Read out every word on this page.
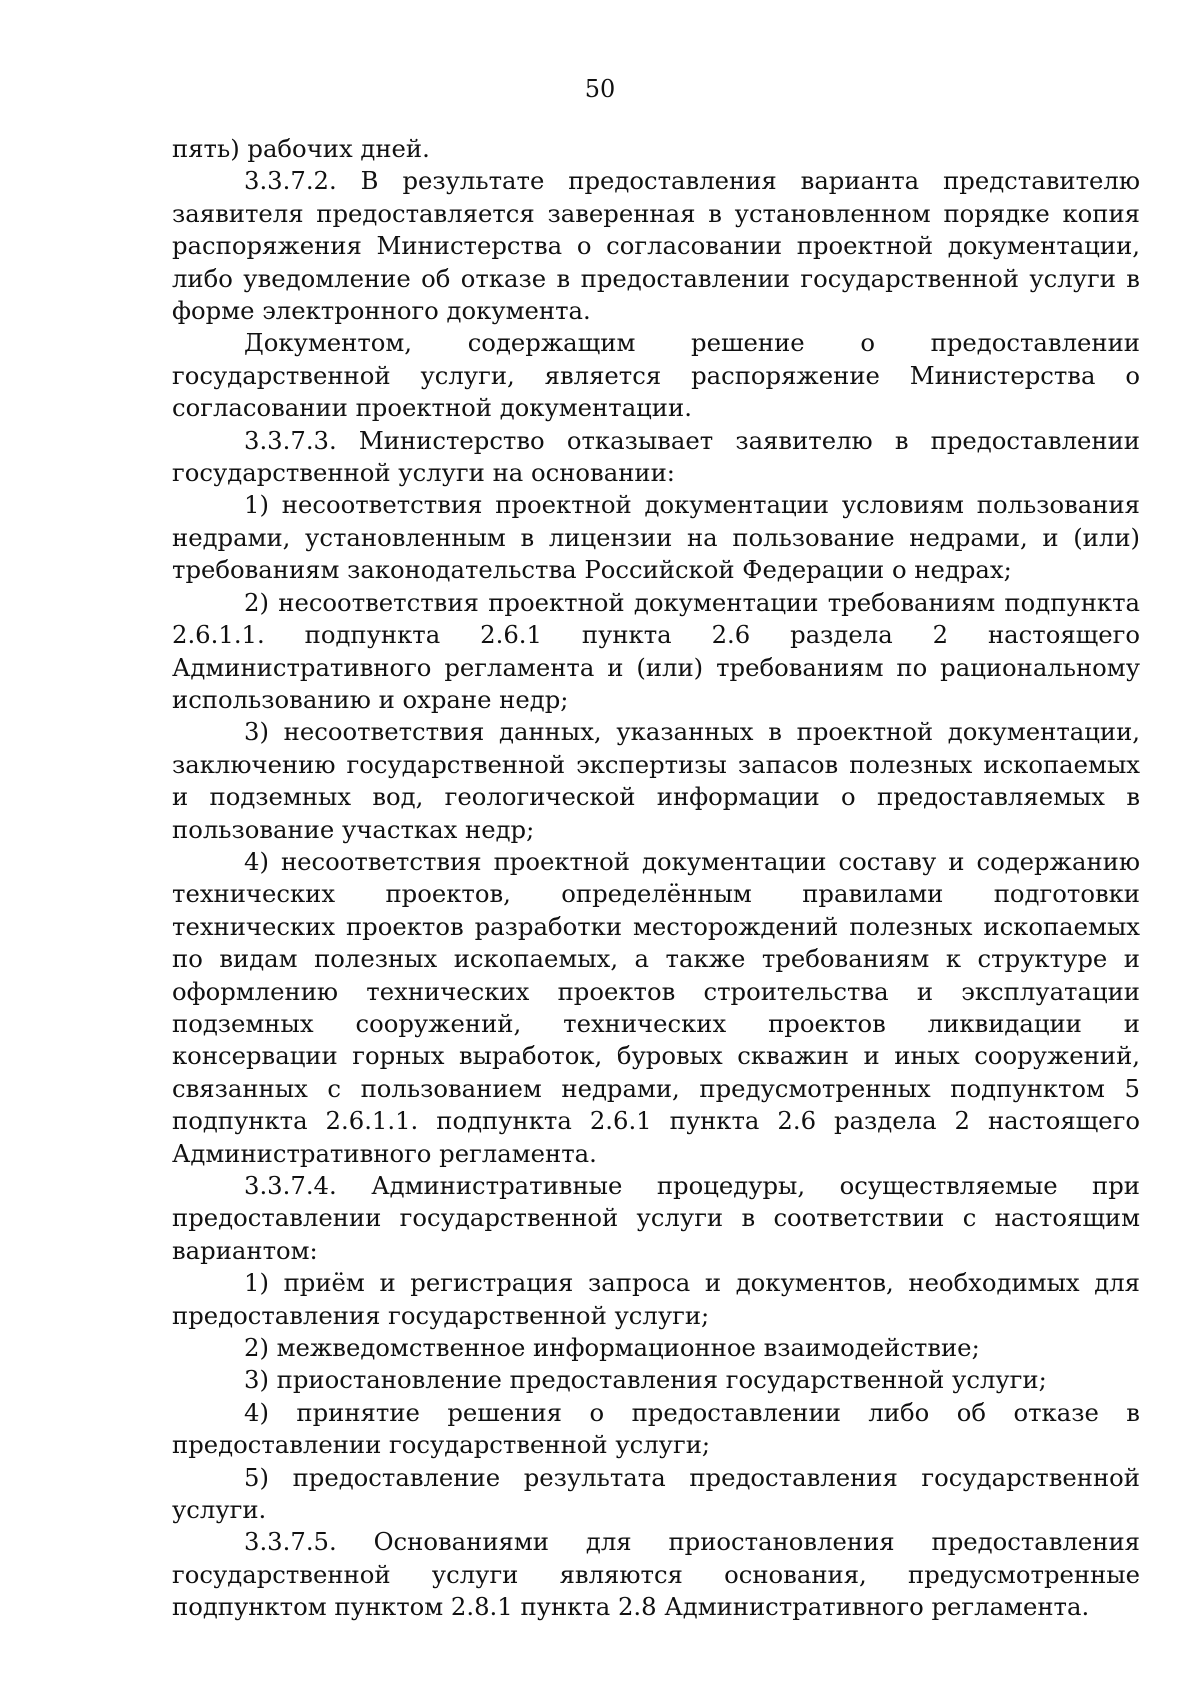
50

пять) рабочих дней.

3.3.7.2. В результате предоставления варианта представителю заявителя предоставляется заверенная в установленном порядке копия распоряжения Министерства о согласовании проектной документации, либо уведомление об отказе в предоставлении государственной услуги в форме электронного документа.

Документом, содержащим решение о предоставлении государственной услуги, является распоряжение Министерства о согласовании проектной документации.

3.3.7.3. Министерство отказывает заявителю в предоставлении государственной услуги на основании:

1) несоответствия проектной документации условиям пользования недрами, установленным в лицензии на пользование недрами, и (или) требованиям законодательства Российской Федерации о недрах;

2) несоответствия проектной документации требованиям подпункта 2.6.1.1. подпункта 2.6.1 пункта 2.6 раздела 2 настоящего Административного регламента и (или) требованиям по рациональному использованию и охране недр;

3) несоответствия данных, указанных в проектной документации, заключению государственной экспертизы запасов полезных ископаемых и подземных вод, геологической информации о предоставляемых в пользование участках недр;

4) несоответствия проектной документации составу и содержанию технических проектов, определённым правилами подготовки технических проектов разработки месторождений полезных ископаемых по видам полезных ископаемых, а также требованиям к структуре и оформлению технических проектов строительства и эксплуатации подземных сооружений, технических проектов ликвидации и консервации горных выработок, буровых скважин и иных сооружений, связанных с пользованием недрами, предусмотренных подпунктом 5 подпункта 2.6.1.1. подпункта 2.6.1 пункта 2.6 раздела 2 настоящего Административного регламента.

3.3.7.4. Административные процедуры, осуществляемые при предоставлении государственной услуги в соответствии с настоящим вариантом:

1) приём и регистрация запроса и документов, необходимых для предоставления государственной услуги;

2) межведомственное информационное взаимодействие;

3) приостановление предоставления государственной услуги;

4) принятие решения о предоставлении либо об отказе в предоставлении государственной услуги;

5) предоставление результата предоставления государственной услуги.

3.3.7.5. Основаниями для приостановления предоставления государственной услуги являются основания, предусмотренные подпунктом пунктом 2.8.1 пункта 2.8 Административного регламента.
